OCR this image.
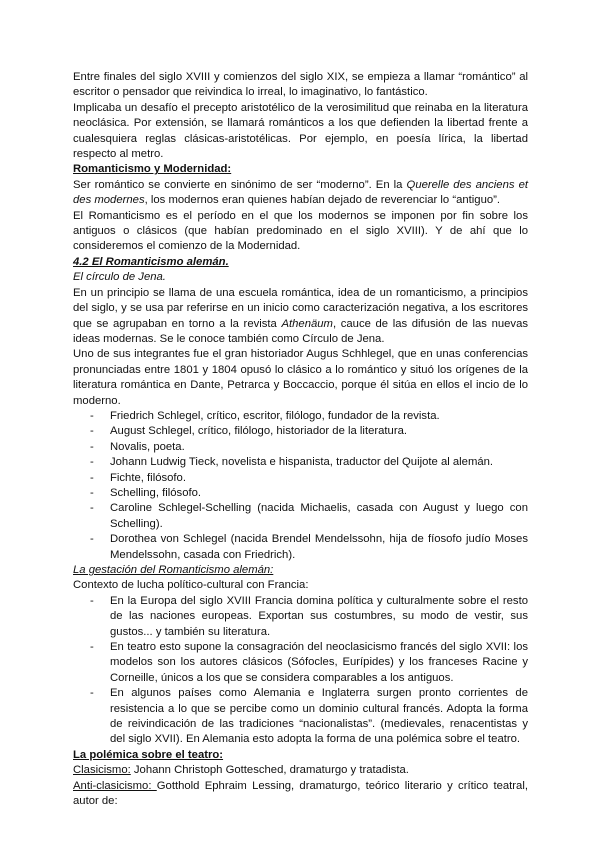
Entre finales del siglo XVIII y comienzos del siglo XIX, se empieza a llamar “romántico” al escritor o pensador que reivindica lo irreal, lo imaginativo, lo fantástico.

Implicaba un desafío el precepto aristotélico de la verosimilitud que reinaba en la literatura neoclásica. Por extensión, se llamará románticos a los que defienden la libertad frente a cualesquiera reglas clásicas-aristotélicas. Por ejemplo, en poesía lírica, la libertad respecto al metro.

Romanticismo y Modernidad:

Ser romántico se convierte en sinónimo de ser “moderno”. En la Querelle des anciens et des modernes, los modernos eran quienes habían dejado de reverenciar lo “antiguo”.

El Romanticismo es el período en el que los modernos se imponen por fin sobre los antiguos o clásicos (que habían predominado en el siglo XVIII). Y de ahí que lo consideremos el comienzo de la Modernidad.

4.2 El Romanticismo alemán.
El círculo de Jena.

En un principio se llama de una escuela romántica, idea de un romanticismo, a principios del siglo, y se usa par referirse en un inicio como caracterización negativa, a los escritores que se agrupaban en torno a la revista Athenäum, cauce de las difusión de las nuevas ideas modernas. Se le conoce también como Círculo de Jena.

Uno de sus integrantes fue el gran historiador Augus Schhlegel, que en unas conferencias pronunciadas entre 1801 y 1804 opusó lo clásico a lo romántico y situó los orígenes de la literatura romántica en Dante, Petrarca y Boccaccio, porque él sitúa en ellos el incio de lo moderno.

- Friedrich Schlegel, crítico, escritor, filólogo, fundador de la revista.
- August Schlegel, crítico, filólogo, historiador de la literatura.
- Novalis, poeta.
- Johann Ludwig Tieck, novelista e hispanista, traductor del Quijote al alemán.
- Fichte, filósofo.
- Schelling, filósofo.
- Caroline Schlegel-Schelling (nacida Michaelis, casada con August y luego con Schelling).
- Dorothea von Schlegel (nacida Brendel Mendelssohn, hija de fíosofo judío Moses Mendelssohn, casada con Friedrich).
La gestación del Romanticismo alemán:

Contexto de lucha político-cultural con Francia:

- En la Europa del siglo XVIII Francia domina política y culturalmente sobre el resto de las naciones europeas. Exportan sus costumbres, su modo de vestir, sus gustos... y también su literatura.
- En teatro esto supone la consagración del neoclasicismo francés del siglo XVII: los modelos son los autores clásicos (Sófocles, Eurípides) y los franceses Racine y Corneille, únicos a los que se considera comparables a los antiguos.
- En algunos países como Alemania e Inglaterra surgen pronto corrientes de resistencia a lo que se percibe como un dominio cultural francés. Adopta la forma de reivindicación de las tradiciones “nacionalistas”. (medievales, renacentistas y del siglo XVII). En Alemania esto adopta la forma de una polémica sobre el teatro.
La polémica sobre el teatro:

Clasicismo: Johann Christoph Gottesched, dramaturgo y tratadista.

Anti-clasicismo: Gotthold Ephraim Lessing, dramaturgo, teórico literario y crítico teatral, autor de:
